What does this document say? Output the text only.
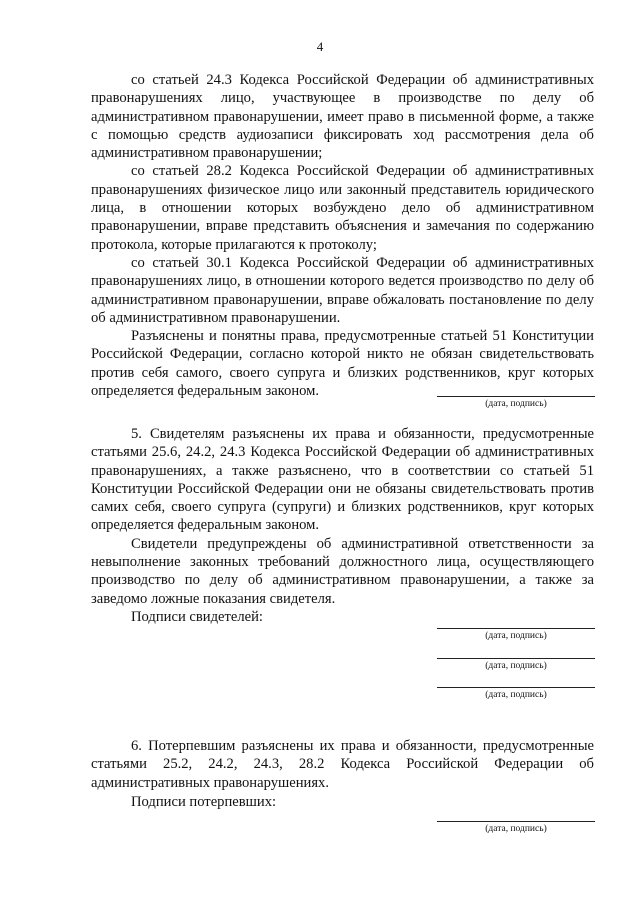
4

со статьей 24.3 Кодекса Российской Федерации об административных правонарушениях лицо, участвующее в производстве по делу об административном правонарушении, имеет право в письменной форме, а также с помощью средств аудиозаписи фиксировать ход рассмотрения дела об административном правонарушении;

со статьей 28.2 Кодекса Российской Федерации об административных правонарушениях физическое лицо или законный представитель юридического лица, в отношении которых возбуждено дело об административном правонарушении, вправе представить объяснения и замечания по содержанию протокола, которые прилагаются к протоколу;

со статьей 30.1 Кодекса Российской Федерации об административных правонарушениях лицо, в отношении которого ведется производство по делу об административном правонарушении, вправе обжаловать постановление по делу об административном правонарушении.

Разъяснены и понятны права, предусмотренные статьей 51 Конституции Российской Федерации, согласно которой никто не обязан свидетельствовать против себя самого, своего супруга и близких родственников, круг которых определяется федеральным законом.

(дата, подпись)

5. Свидетелям разъяснены их права и обязанности, предусмотренные статьями 25.6, 24.2, 24.3 Кодекса Российской Федерации об административных правонарушениях, а также разъяснено, что в соответствии со статьей 51 Конституции Российской Федерации они не обязаны свидетельствовать против самих себя, своего супруга (супруги) и близких родственников, круг которых определяется федеральным законом.

Свидетели предупреждены об административной ответственности за невыполнение законных требований должностного лица, осуществляющего производство по делу об административном правонарушении, а также за заведомо ложные показания свидетеля.

Подписи свидетелей:

(дата, подпись)
(дата, подпись)
(дата, подпись)

6. Потерпевшим разъяснены их права и обязанности, предусмотренные статьями 25.2, 24.2, 24.3, 28.2 Кодекса Российской Федерации об административных правонарушениях.

Подписи потерпевших:

(дата, подпись)
